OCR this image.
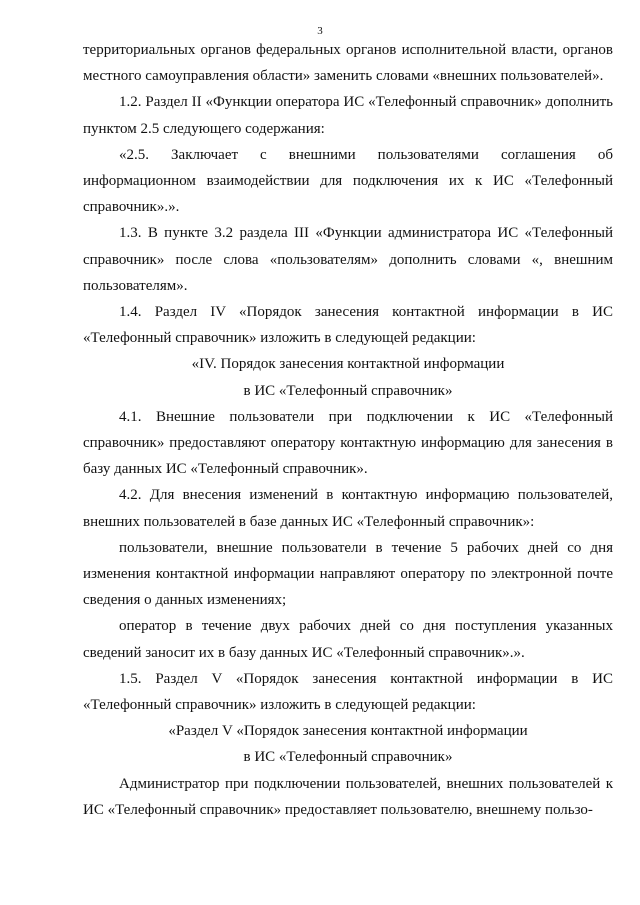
3

территориальных органов федеральных органов исполнительной власти, органов местного самоуправления области» заменить словами «внешних пользователей».

1.2. Раздел II «Функции оператора ИС «Телефонный справочник» дополнить пунктом 2.5 следующего содержания:

«2.5. Заключает с внешними пользователями соглашения об информационном взаимодействии для подключения их к ИС «Телефонный справочник».».

1.3. В пункте 3.2 раздела III «Функции администратора ИС «Телефонный справочник» после слова «пользователям» дополнить словами «, внешним пользователям».

1.4. Раздел IV «Порядок занесения контактной информации в ИС «Телефонный справочник» изложить в следующей редакции:

«IV. Порядок занесения контактной информации
в ИС «Телефонный справочник»

4.1. Внешние пользователи при подключении к ИС «Телефонный справочник» предоставляют оператору контактную информацию для занесения в базу данных ИС «Телефонный справочник».

4.2. Для внесения изменений в контактную информацию пользователей, внешних пользователей в базе данных ИС «Телефонный справочник»:

пользователи, внешние пользователи в течение 5 рабочих дней со дня изменения контактной информации направляют оператору по электронной почте сведения о данных изменениях;

оператор в течение двух рабочих дней со дня поступления указанных сведений заносит их в базу данных ИС «Телефонный справочник».».

1.5. Раздел V «Порядок занесения контактной информации в ИС «Телефонный справочник» изложить в следующей редакции:

«Раздел V «Порядок занесения контактной информации
в ИС «Телефонный справочник»

Администратор при подключении пользователей, внешних пользователей к ИС «Телефонный справочник» предоставляет пользователю, внешнему пользо-
